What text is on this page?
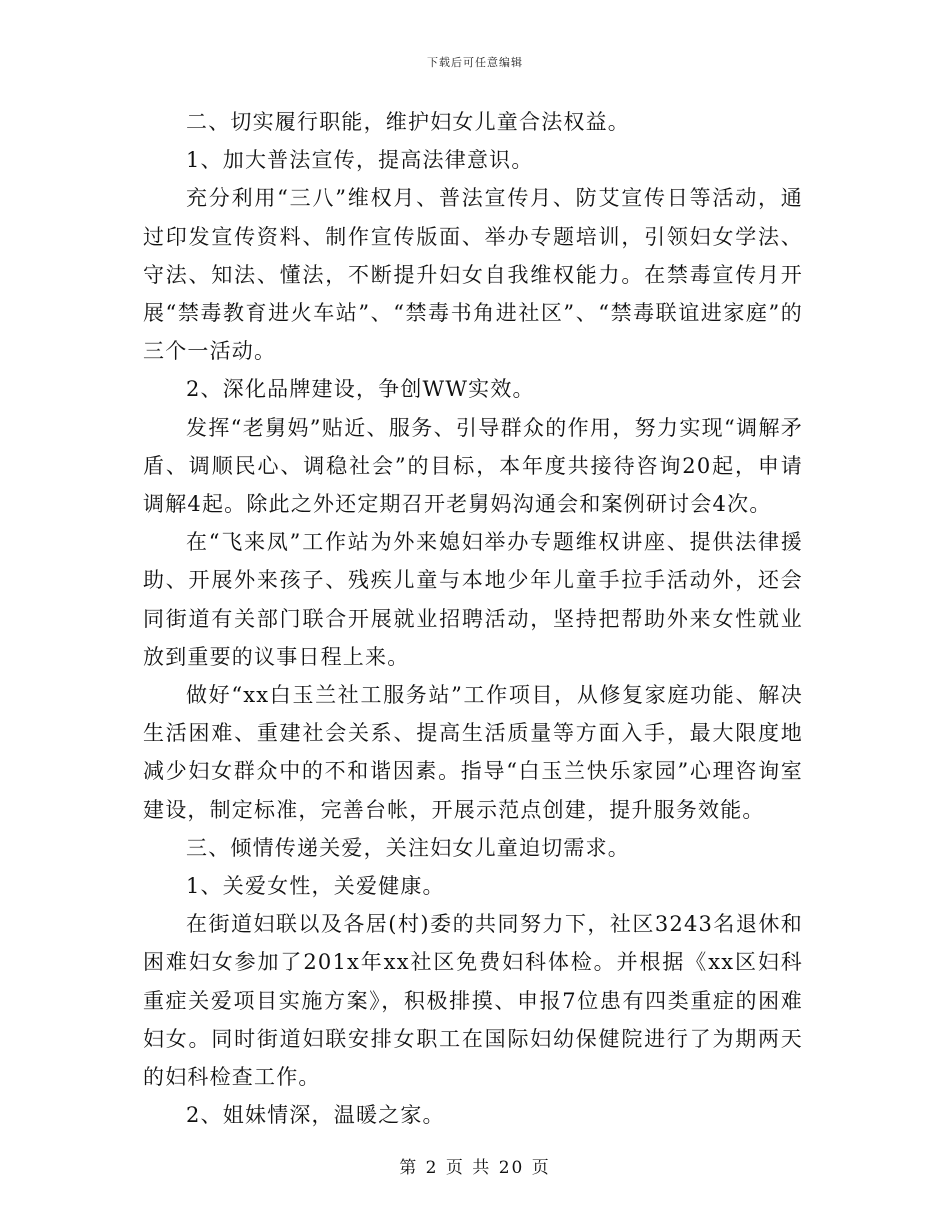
下载后可任意编辑

二、切实履行职能，维护妇女儿童合法权益。

1、加大普法宣传，提高法律意识。

充分利用“三八”维权月、普法宣传月、防艾宣传日等活动，通过印发宣传资料、制作宣传版面、举办专题培训，引领妇女学法、守法、知法、懂法，不断提升妇女自我维权能力。在禁毒宣传月开展“禁毒教育进火车站”、“禁毒书角进社区”、“禁毒联谊进家庭”的三个一活动。

2、深化品牌建设，争创WW实效。

发挥“老舅妈”贴近、服务、引导群众的作用，努力实现“调解矛盾、调顺民心、调稳社会”的目标，本年度共接待咨询20起，申请调解4起。除此之外还定期召开老舅妈沟通会和案例研讨会4次。

在“飞来凤”工作站为外来媳妇举办专题维权讲座、提供法律援助、开展外来孩子、残疾儿童与本地少年儿童手拉手活动外，还会同街道有关部门联合开展就业招聘活动，坚持把帮助外来女性就业放到重要的议事日程上来。

做好“xx白玉兰社工服务站”工作项目，从修复家庭功能、解决生活困难、重建社会关系、提高生活质量等方面入手，最大限度地减少妇女群众中的不和谐因素。指导“白玉兰快乐家园”心理咨询室建设，制定标准，完善台帐，开展示范点创建，提升服务效能。

三、倾情传递关爱，关注妇女儿童迫切需求。

1、关爱女性，关爱健康。

在街道妇联以及各居(村)委的共同努力下，社区3243名退休和困难妇女参加了201x年xx社区免费妇科体检。并根据《xx区妇科重症关爱项目实施方案》，积极排摸、申报7位患有四类重症的困难妇女。同时街道妇联安排女职工在国际妇幼保健院进行了为期两天的妇科检查工作。

2、姐妹情深，温暖之家。

第 2 页 共 20 页
